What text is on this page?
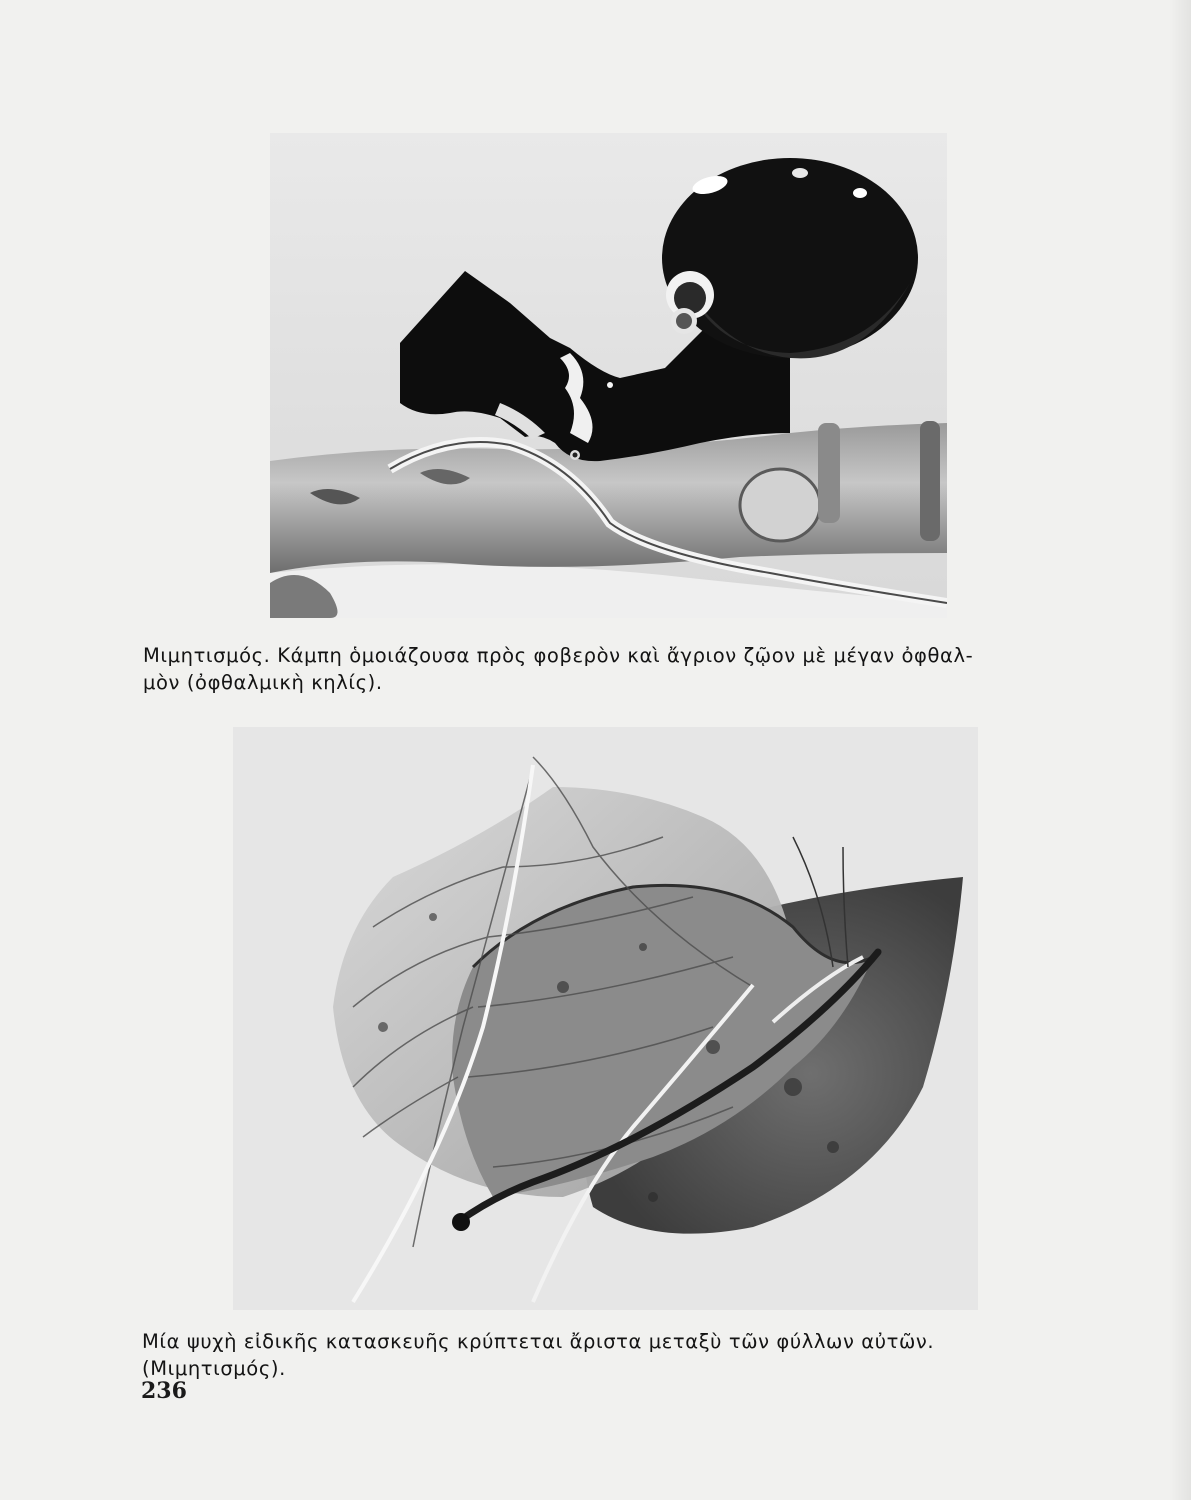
Μιμητισμός. Κάμπη ὁμοιάζουσα πρὸς φοβερὸν καὶ ἄγριον ζῷον μὲ μέγαν ὀφθαλ-
μὸν (ὀφθαλμικὴ κηλίς).
Μία ψυχὴ εἰδικῆς κατασκευῆς κρύπτεται ἄριστα μεταξὺ τῶν φύλλων αὐτῶν.
(Μιμητισμός).
236
